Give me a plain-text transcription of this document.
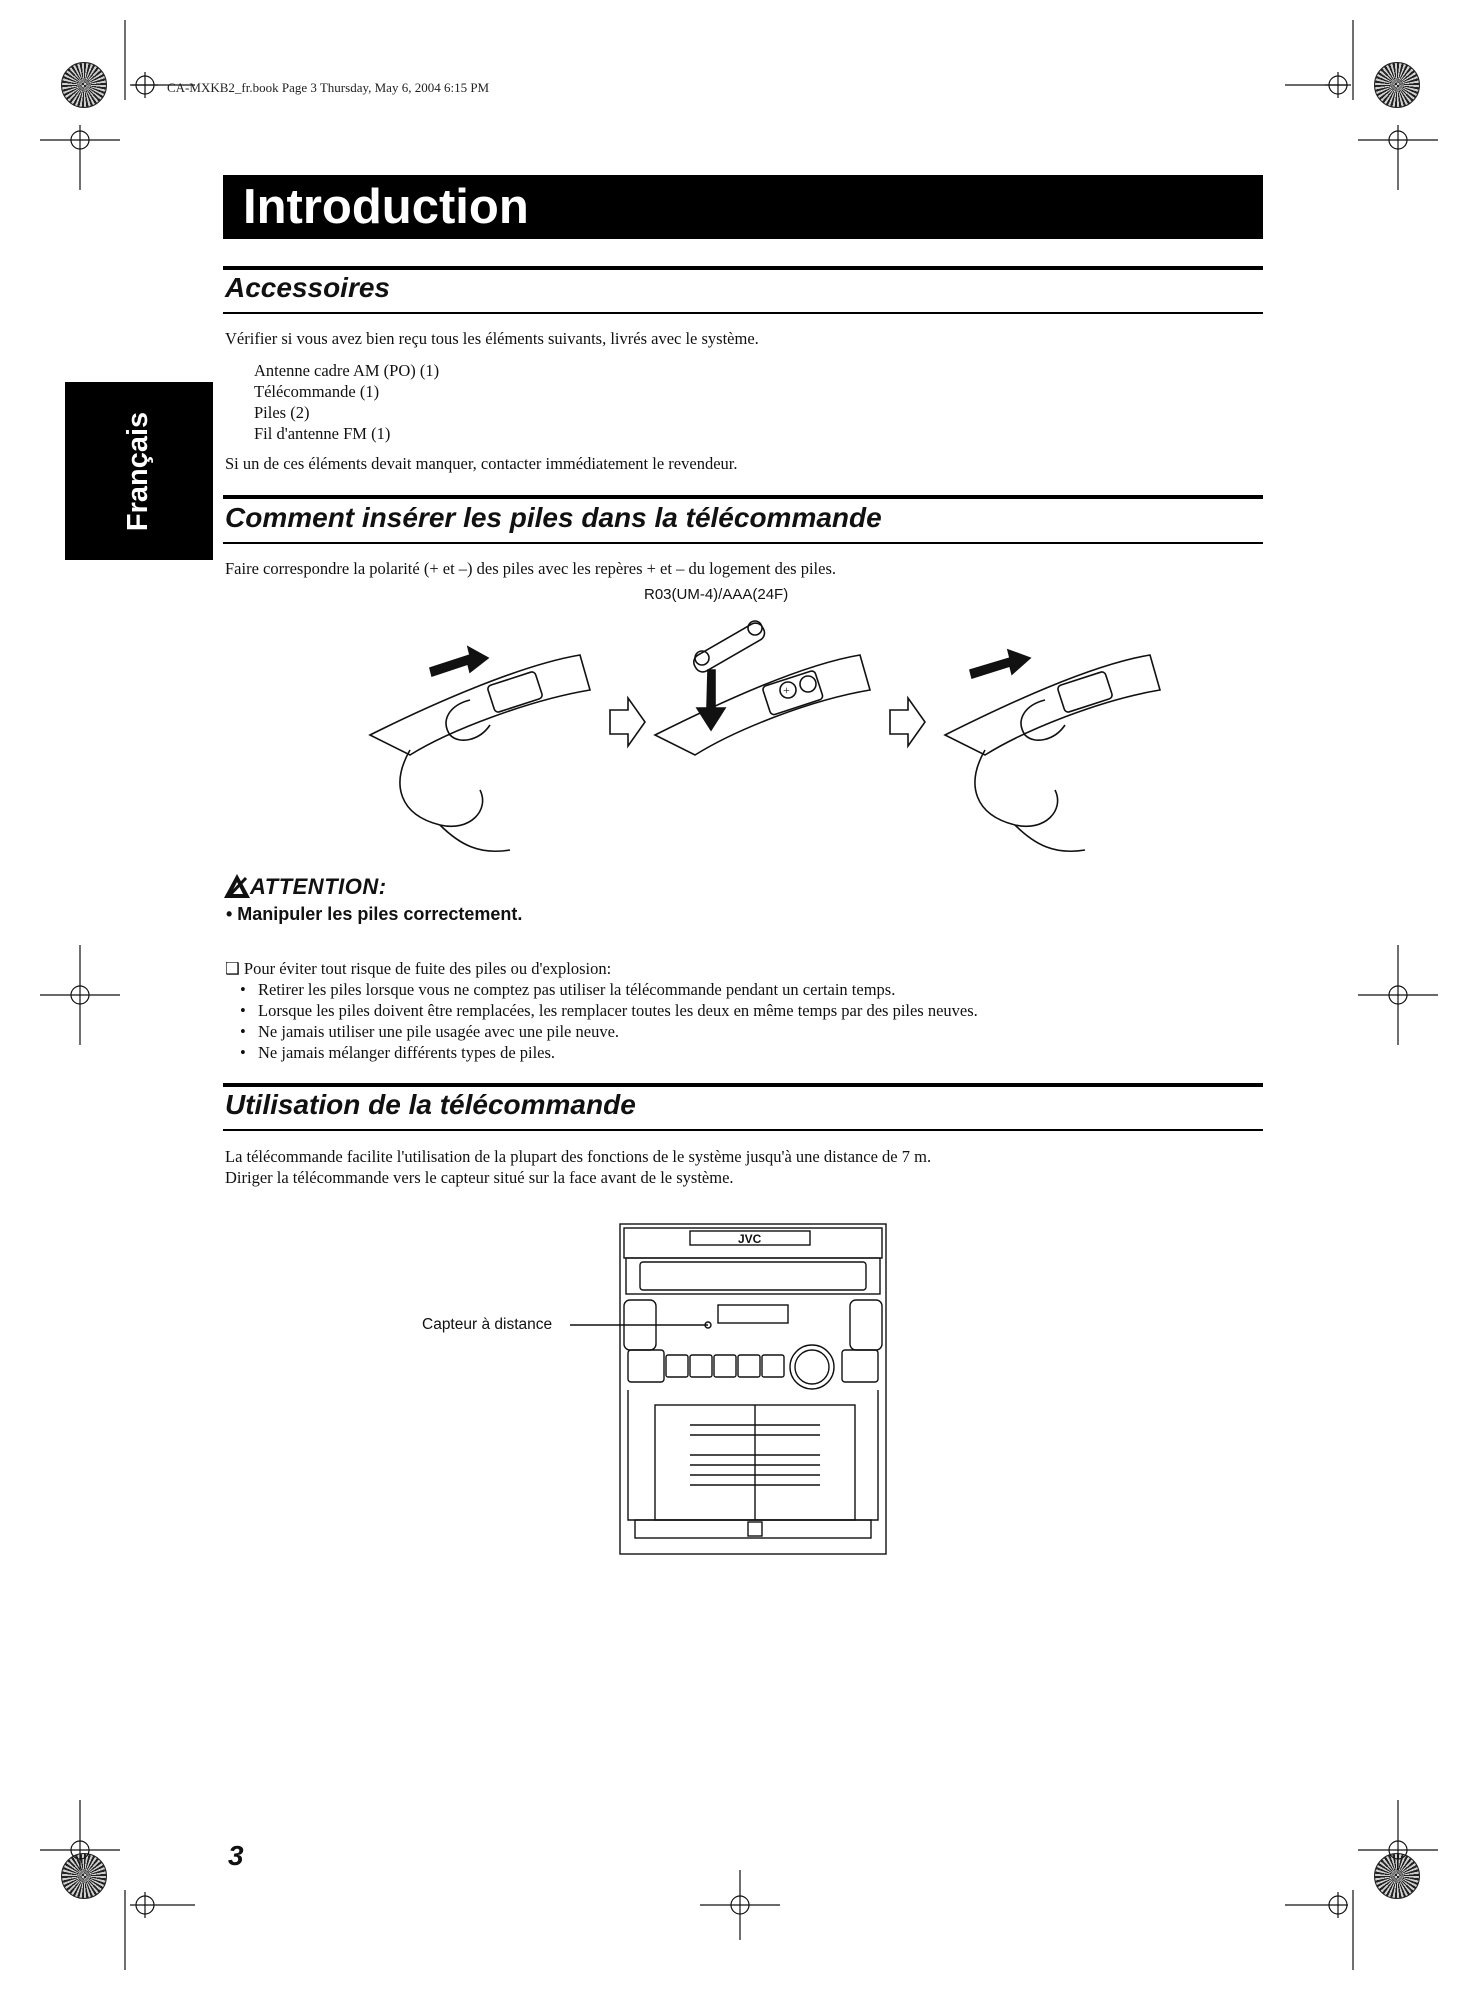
CA-MXKB2_fr.book Page 3 Thursday, May 6, 2004 6:15 PM
Introduction
Français
Accessoires
Vérifier si vous avez bien reçu tous les éléments suivants, livrés avec le système.
Antenne cadre AM (PO) (1)
Télécommande (1)
Piles (2)
Fil d'antenne FM (1)
Si un de ces éléments devait manquer, contacter immédiatement le revendeur.
Comment insérer les piles dans la télécommande
Faire correspondre la polarité (+ et –) des piles avec les repères + et – du logement des piles.
R03(UM-4)/AAA(24F)
+
ATTENTION:
• Manipuler les piles correctement.
❑ Pour éviter tout risque de fuite des piles ou d'explosion:
• Retirer les piles lorsque vous ne comptez pas utiliser la télécommande pendant un certain temps.
• Lorsque les piles doivent être remplacées, les remplacer toutes les deux en même temps par des piles neuves.
• Ne jamais utiliser une pile usagée avec une pile neuve.
• Ne jamais mélanger différents types de piles.
Utilisation de la télécommande
La télécommande facilite l'utilisation de la plupart des fonctions de le système jusqu'à une distance de 7 m.
Diriger la télécommande vers le capteur situé sur la face avant de le système.
Capteur à distance
JVC
3
